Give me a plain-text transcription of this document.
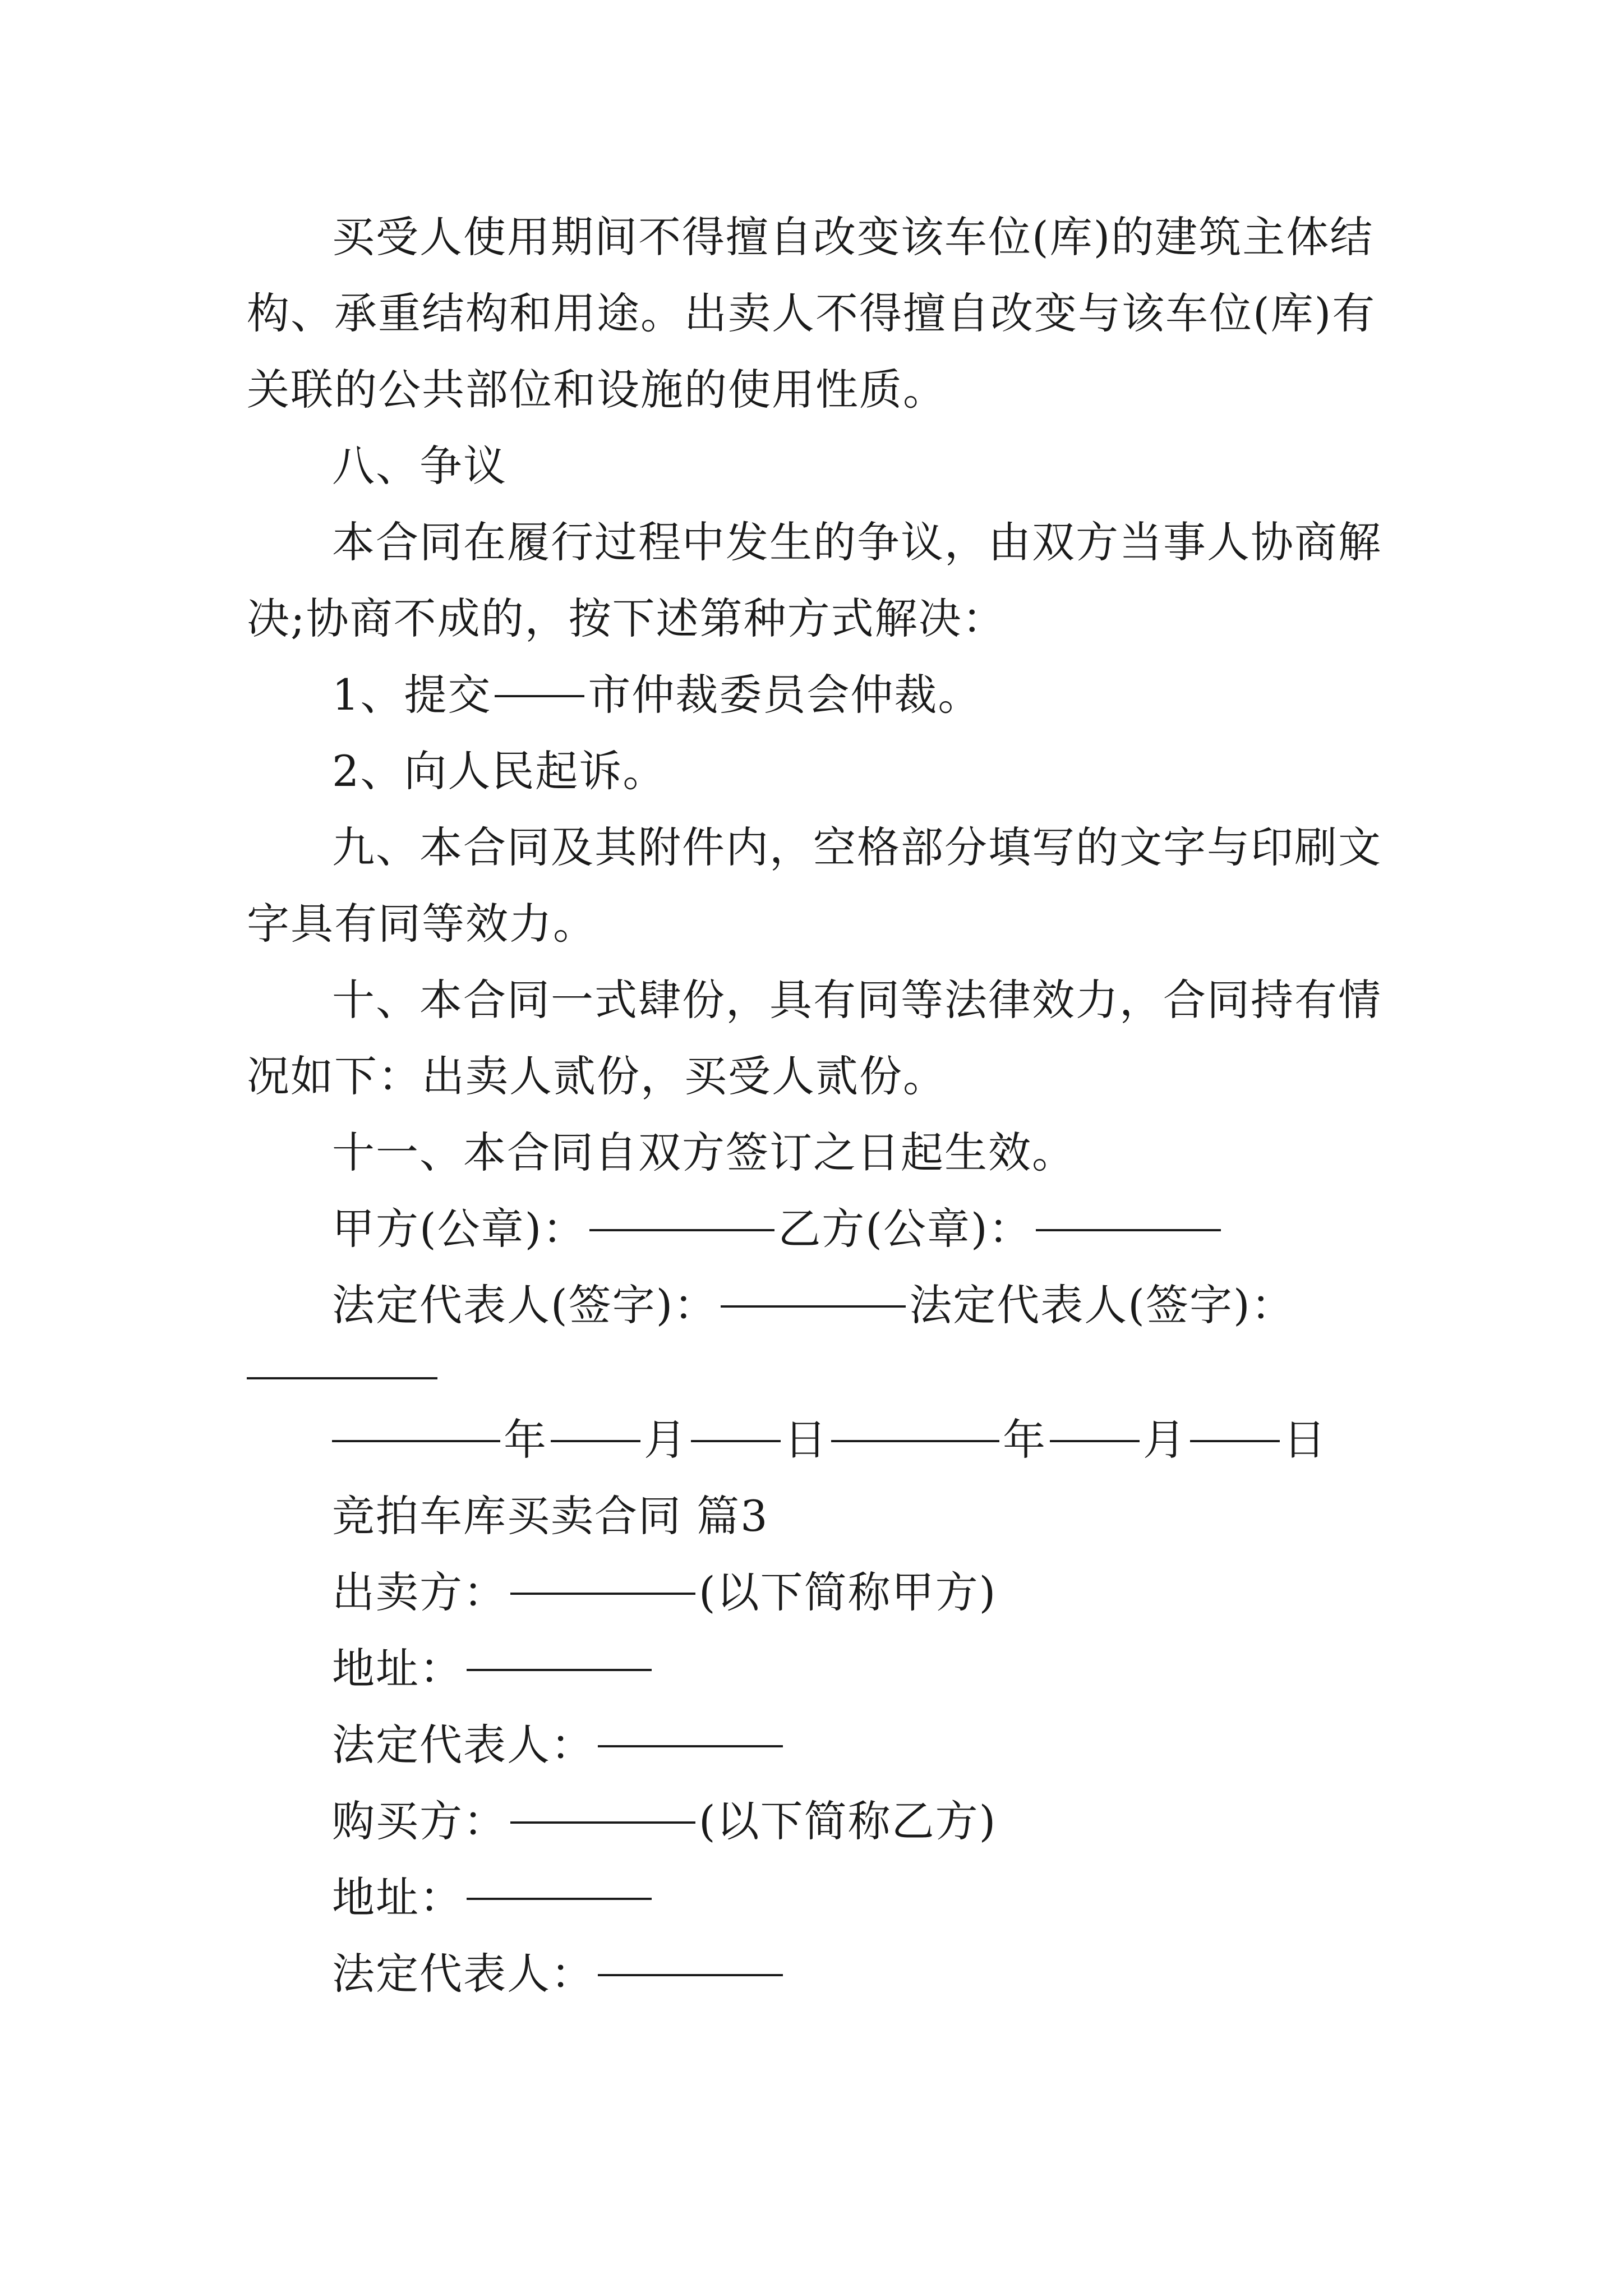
买受人使用期间不得擅自改变该车位(库)的建筑主体结构、承重结构和用途。出卖人不得擅自改变与该车位(库)有关联的公共部位和设施的使用性质。

八、争议

本合同在履行过程中发生的争议，由双方当事人协商解决;协商不成的，按下述第种方式解决：

1、提交 市仲裁委员会仲裁。

2、向人民起诉。

九、本合同及其附件内，空格部分填写的文字与印刷文字具有同等效力。

十、本合同一式肆份，具有同等法律效力，合同持有情况如下：出卖人贰份，买受人贰份。

十一、本合同自双方签订之日起生效。

甲方(公章)：	乙方(公章)：

法定代表人(签字)：	法定代表人(签字)：

年 月 日	年 月 日

竞拍车库买卖合同 篇3

出卖方：	(以下简称甲方)

地址：

法定代表人：

购买方：	(以下简称乙方)

地址：

法定代表人：
